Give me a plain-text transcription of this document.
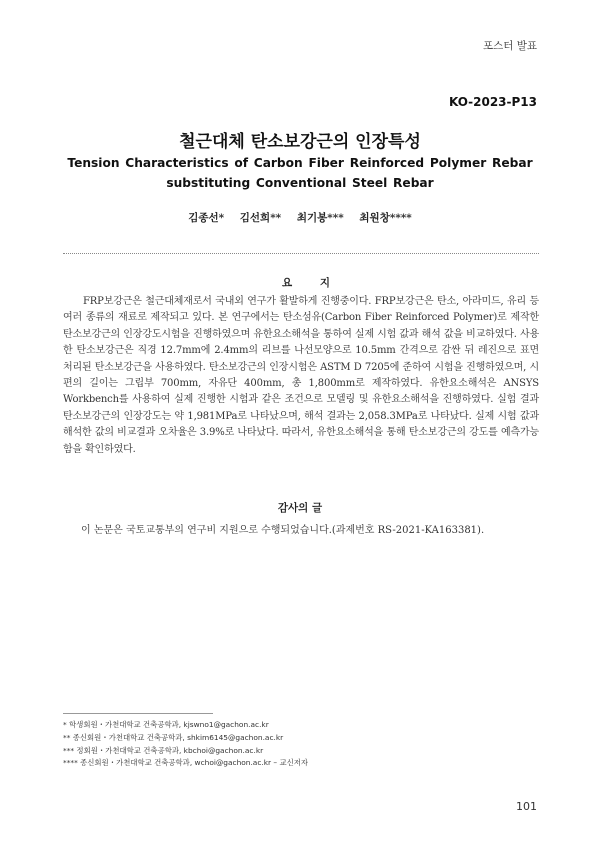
포스터 발표
KO-2023-P13
철근대체 탄소보강근의 인장특성
Tension Characteristics of Carbon Fiber Reinforced Polymer Rebar
substituting Conventional Steel Rebar
김종선* 김선희** 최기봉*** 최원창****
요 지
FRP보강근은 철근대체재로서 국내외 연구가 활발하게 진행중이다. FRP보강근은 탄소, 아라미드, 유리 등 여러 종류의 재료로 제작되고 있다. 본 연구에서는 탄소섬유(Carbon Fiber Reinforced Polymer)로 제작한 탄소보강근의 인장강도시험을 진행하였으며 유한요소해석을 통하여 실제 시험 값과 해석 값을 비교하였다. 사용한 탄소보강근은 직경 12.7mm에 2.4mm의 리브를 나선모양으로 10.5mm 간격으로 감싼 뒤 레진으로 표면 처리된 탄소보강근을 사용하였다. 탄소보강근의 인장시험은 ASTM D 7205에 준하여 시험을 진행하였으며, 시편의 길이는 그립부 700mm, 자유단 400mm, 총 1,800mm로 제작하였다. 유한요소해석은 ANSYS Workbench를 사용하여 실제 진행한 시험과 같은 조건으로 모델링 및 유한요소해석을 진행하였다. 실험 결과 탄소보강근의 인장강도는 약 1,981MPa로 나타났으며, 해석 결과는 2,058.3MPa로 나타났다. 실제 시험 값과 해석한 값의 비교결과 오차율은 3.9%로 나타났다. 따라서, 유한요소해석을 통해 탄소보강근의 강도를 예측가능함을 확인하였다.
감사의 글
이 논문은 국토교통부의 연구비 지원으로 수행되었습니다.(과제번호 RS-2021-KA163381).
* 학생회원・가천대학교 건축공학과, kjswno1@gachon.ac.kr
** 종신회원・가천대학교 건축공학과, shkim6145@gachon.ac.kr
*** 정회원・가천대학교 건축공학과, kbchoi@gachon.ac.kr
**** 종신회원・가천대학교 건축공학과, wchoi@gachon.ac.kr – 교신저자
101
